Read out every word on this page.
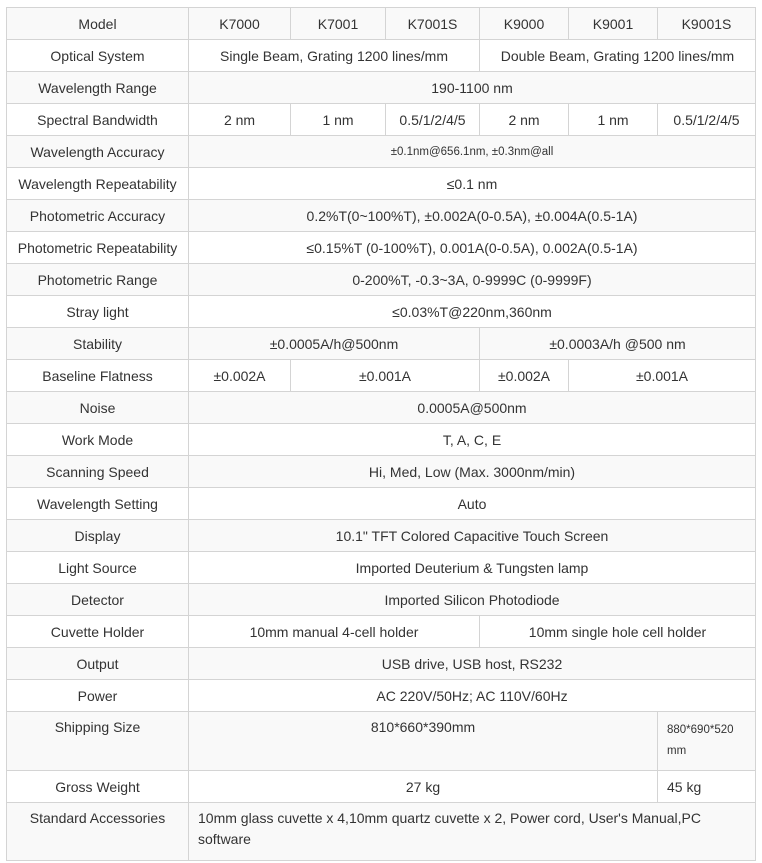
Model	K7000	K7001	K7001S	K9000	K9001	K9001S
Optical System	Single Beam, Grating 1200 lines/mm			Double Beam, Grating 1200 lines/mm		
Wavelength Range	190-1100 nm					
Spectral Bandwidth	2 nm	1 nm	0.5/1/2/4/5	2 nm	1 nm	0.5/1/2/4/5
Wavelength Accuracy	±0.1nm@656.1nm, ±0.3nm@all					
Wavelength Repeatability	≤0.1 nm					
Photometric Accuracy	0.2%T(0~100%T), ±0.002A(0-0.5A), ±0.004A(0.5-1A)					
Photometric Repeatability	≤0.15%T (0-100%T), 0.001A(0-0.5A), 0.002A(0.5-1A)					
Photometric Range	0-200%T, -0.3~3A, 0-9999C (0-9999F)					
Stray light	≤0.03%T@220nm,360nm					
Stability	±0.0005A/h@500nm			±0.0003A/h @500 nm		
Baseline Flatness	±0.002A	±0.001A		±0.002A	±0.001A	
Noise	0.0005A@500nm					
Work Mode	T, A, C, E					
Scanning Speed	Hi, Med, Low (Max. 3000nm/min)					
Wavelength Setting	Auto					
Display	10.1" TFT Colored Capacitive Touch Screen					
Light Source	Imported Deuterium & Tungsten lamp					
Detector	Imported Silicon Photodiode					
Cuvette Holder	10mm manual 4-cell holder			10mm single hole cell holder		
Output	USB drive, USB host, RS232					
Power	AC 220V/50Hz; AC 110V/60Hz					
Shipping Size	810*660*390mm					880*690*520 mm
Gross Weight	27 kg					45 kg
Standard Accessories	10mm glass cuvette x 4,10mm quartz cuvette x 2, Power cord, User's Manual,PC software					
